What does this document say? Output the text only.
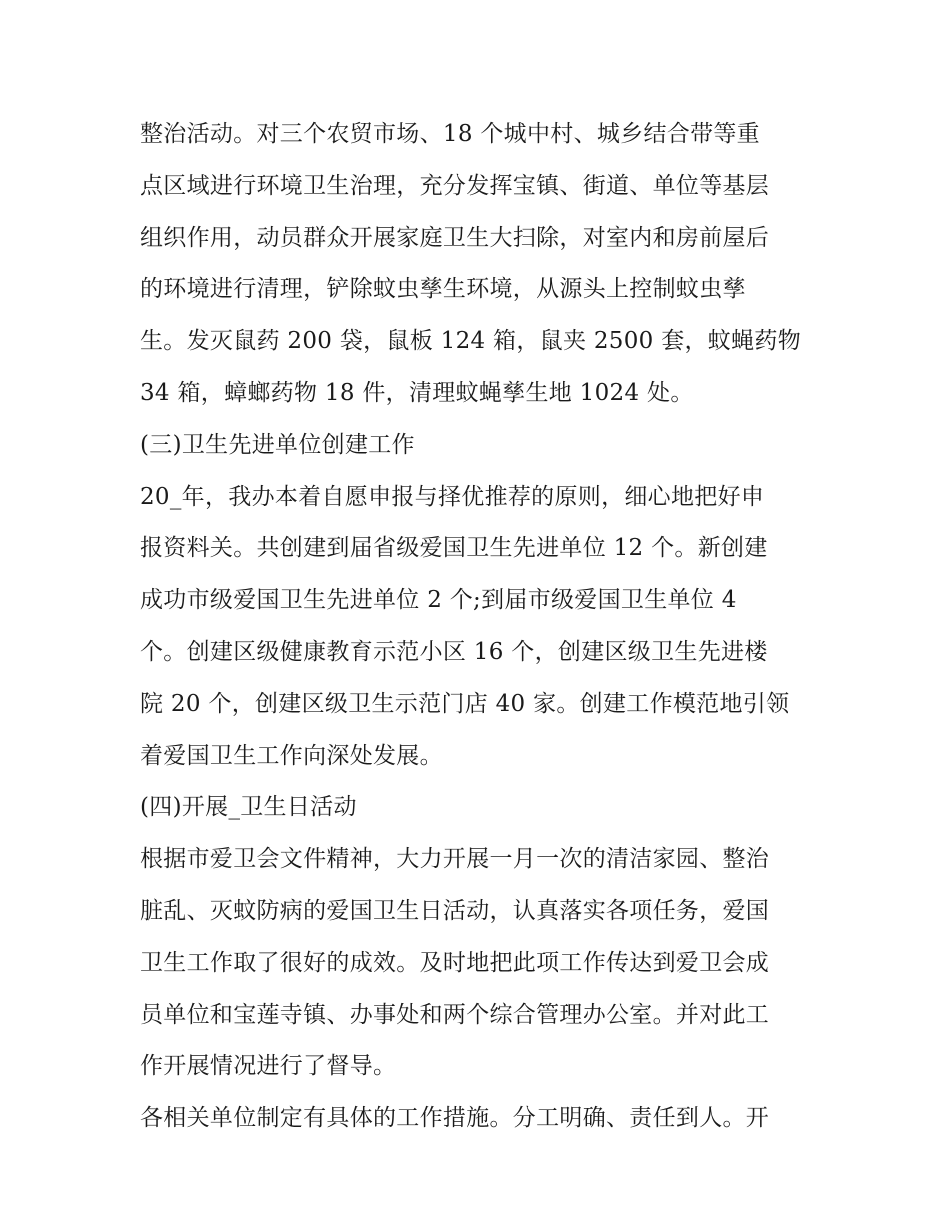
整治活动。对三个农贸市场、18 个城中村、城乡结合带等重
点区域进行环境卫生治理，充分发挥宝镇、街道、单位等基层
组织作用，动员群众开展家庭卫生大扫除，对室内和房前屋后
的环境进行清理，铲除蚊虫孳生环境，从源头上控制蚊虫孳
生。发灭鼠药 200 袋，鼠板 124 箱，鼠夹 2500 套，蚊蝇药物
34 箱，蟑螂药物 18 件，清理蚊蝇孳生地 1024 处。
(三)卫生先进单位创建工作
20_年，我办本着自愿申报与择优推荐的原则，细心地把好申
报资料关。共创建到届省级爱国卫生先进单位 12 个。新创建
成功市级爱国卫生先进单位 2 个;到届市级爱国卫生单位 4
个。创建区级健康教育示范小区 16 个，创建区级卫生先进楼
院 20 个，创建区级卫生示范门店 40 家。创建工作模范地引领
着爱国卫生工作向深处发展。
(四)开展_卫生日活动
根据市爱卫会文件精神，大力开展一月一次的清洁家园、整治
脏乱、灭蚊防病的爱国卫生日活动，认真落实各项任务，爱国
卫生工作取了很好的成效。及时地把此项工作传达到爱卫会成
员单位和宝莲寺镇、办事处和两个综合管理办公室。并对此工
作开展情况进行了督导。
各相关单位制定有具体的工作措施。分工明确、责任到人。开
